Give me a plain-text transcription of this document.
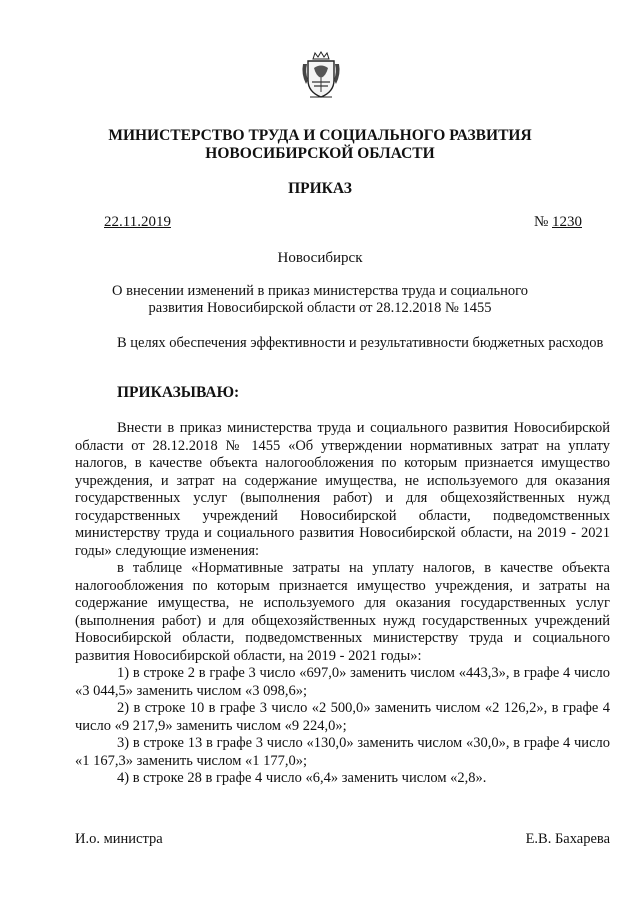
МИНИСТЕРСТВО ТРУДА И СОЦИАЛЬНОГО РАЗВИТИЯ
НОВОСИБИРСКОЙ ОБЛАСТИ
ПРИКАЗ
22.11.2019	№ 1230
Новосибирск
О внесении изменений в приказ министерства труда и социального развития Новосибирской области от 28.12.2018 № 1455
В целях обеспечения эффективности и результативности бюджетных расходов
ПРИКАЗЫВАЮ:

Внести в приказ министерства труда и социального развития Новосибирской области от 28.12.2018 № 1455 «Об утверждении нормативных затрат на уплату налогов, в качестве объекта налогообложения по которым признается имущество учреждения, и затрат на содержание имущества, не используемого для оказания государственных услуг (выполнения работ) и для общехозяйственных нужд государственных учреждений Новосибирской области, подведомственных министерству труда и социального развития Новосибирской области, на 2019 - 2021 годы» следующие изменения:

в таблице «Нормативные затраты на уплату налогов, в качестве объекта налогообложения по которым признается имущество учреждения, и затраты на содержание имущества, не используемого для оказания государственных услуг (выполнения работ) и для общехозяйственных нужд государственных учреждений Новосибирской области, подведомственных министерству труда и социального развития Новосибирской области, на 2019 - 2021 годы»:

1) в строке 2 в графе 3 число «697,0» заменить числом «443,3», в графе 4 число «3 044,5» заменить числом «3 098,6»;

2) в строке 10 в графе 3 число «2 500,0» заменить числом «2 126,2», в графе 4 число «9 217,9» заменить числом «9 224,0»;

3) в строке 13 в графе 3 число «130,0» заменить числом «30,0», в графе 4 число «1 167,3» заменить числом «1 177,0»;

4) в строке 28 в графе 4 число «6,4» заменить числом «2,8».

И.о. министра	Е.В. Бахарева
